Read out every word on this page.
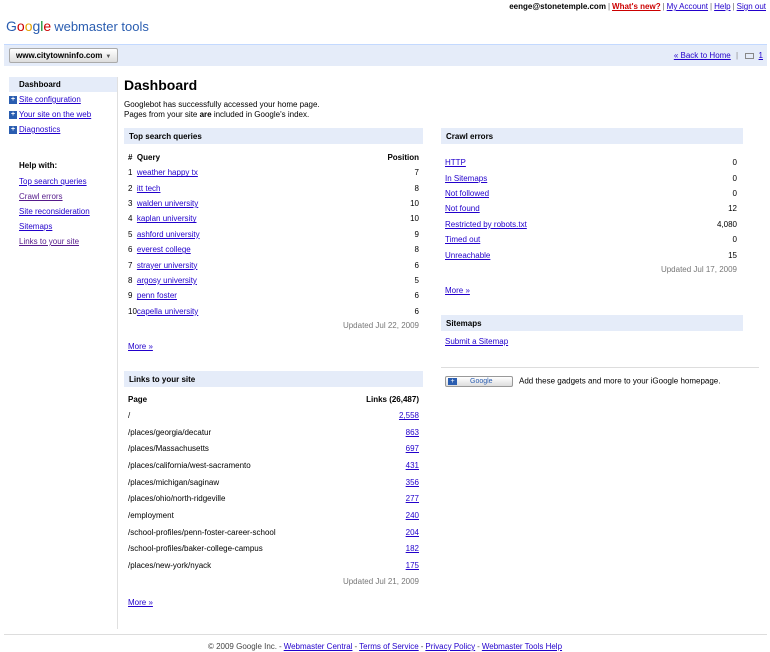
eenge@stonetemple.com | What's new? | My Account | Help | Sign out
Google webmaster tools
www.citytowninfo.com ▼	« Back to Home |	1
Dashboard
+ Site configuration
+ Your site on the web
+ Diagnostics
Help with:
Top search queries
Crawl errors
Site reconsideration
Sitemaps
Links to your site
Dashboard
Googlebot has successfully accessed your home page.
Pages from your site are included in Google's index.
Top search queries
#	Query	Position
1	weather happy tx	7
2	itt tech	8
3	walden university	10
4	kaplan university	10
5	ashford university	9
6	everest college	8
7	strayer university	6
8	argosy university	5
9	penn foster	6
10	capella university	6
Updated Jul 22, 2009
More »
Links to your site
Page	Links (26,487)
/	2,558
/places/georgia/decatur	863
/places/Massachusetts	697
/places/california/west-sacramento	431
/places/michigan/saginaw	356
/places/ohio/north-ridgeville	277
/employment	240
/school-profiles/penn-foster-career-school	204
/school-profiles/baker-college-campus	182
/places/new-york/nyack	175
Updated Jul 21, 2009
More »
Crawl errors
HTTP	0
In Sitemaps	0
Not followed	0
Not found	12
Restricted by robots.txt	4,080
Timed out	0
Unreachable	15
Updated Jul 17, 2009
More »
Sitemaps
Submit a Sitemap
+	Google	Add these gadgets and more to your iGoogle homepage.
© 2009 Google Inc. - Webmaster Central - Terms of Service - Privacy Policy - Webmaster Tools Help
